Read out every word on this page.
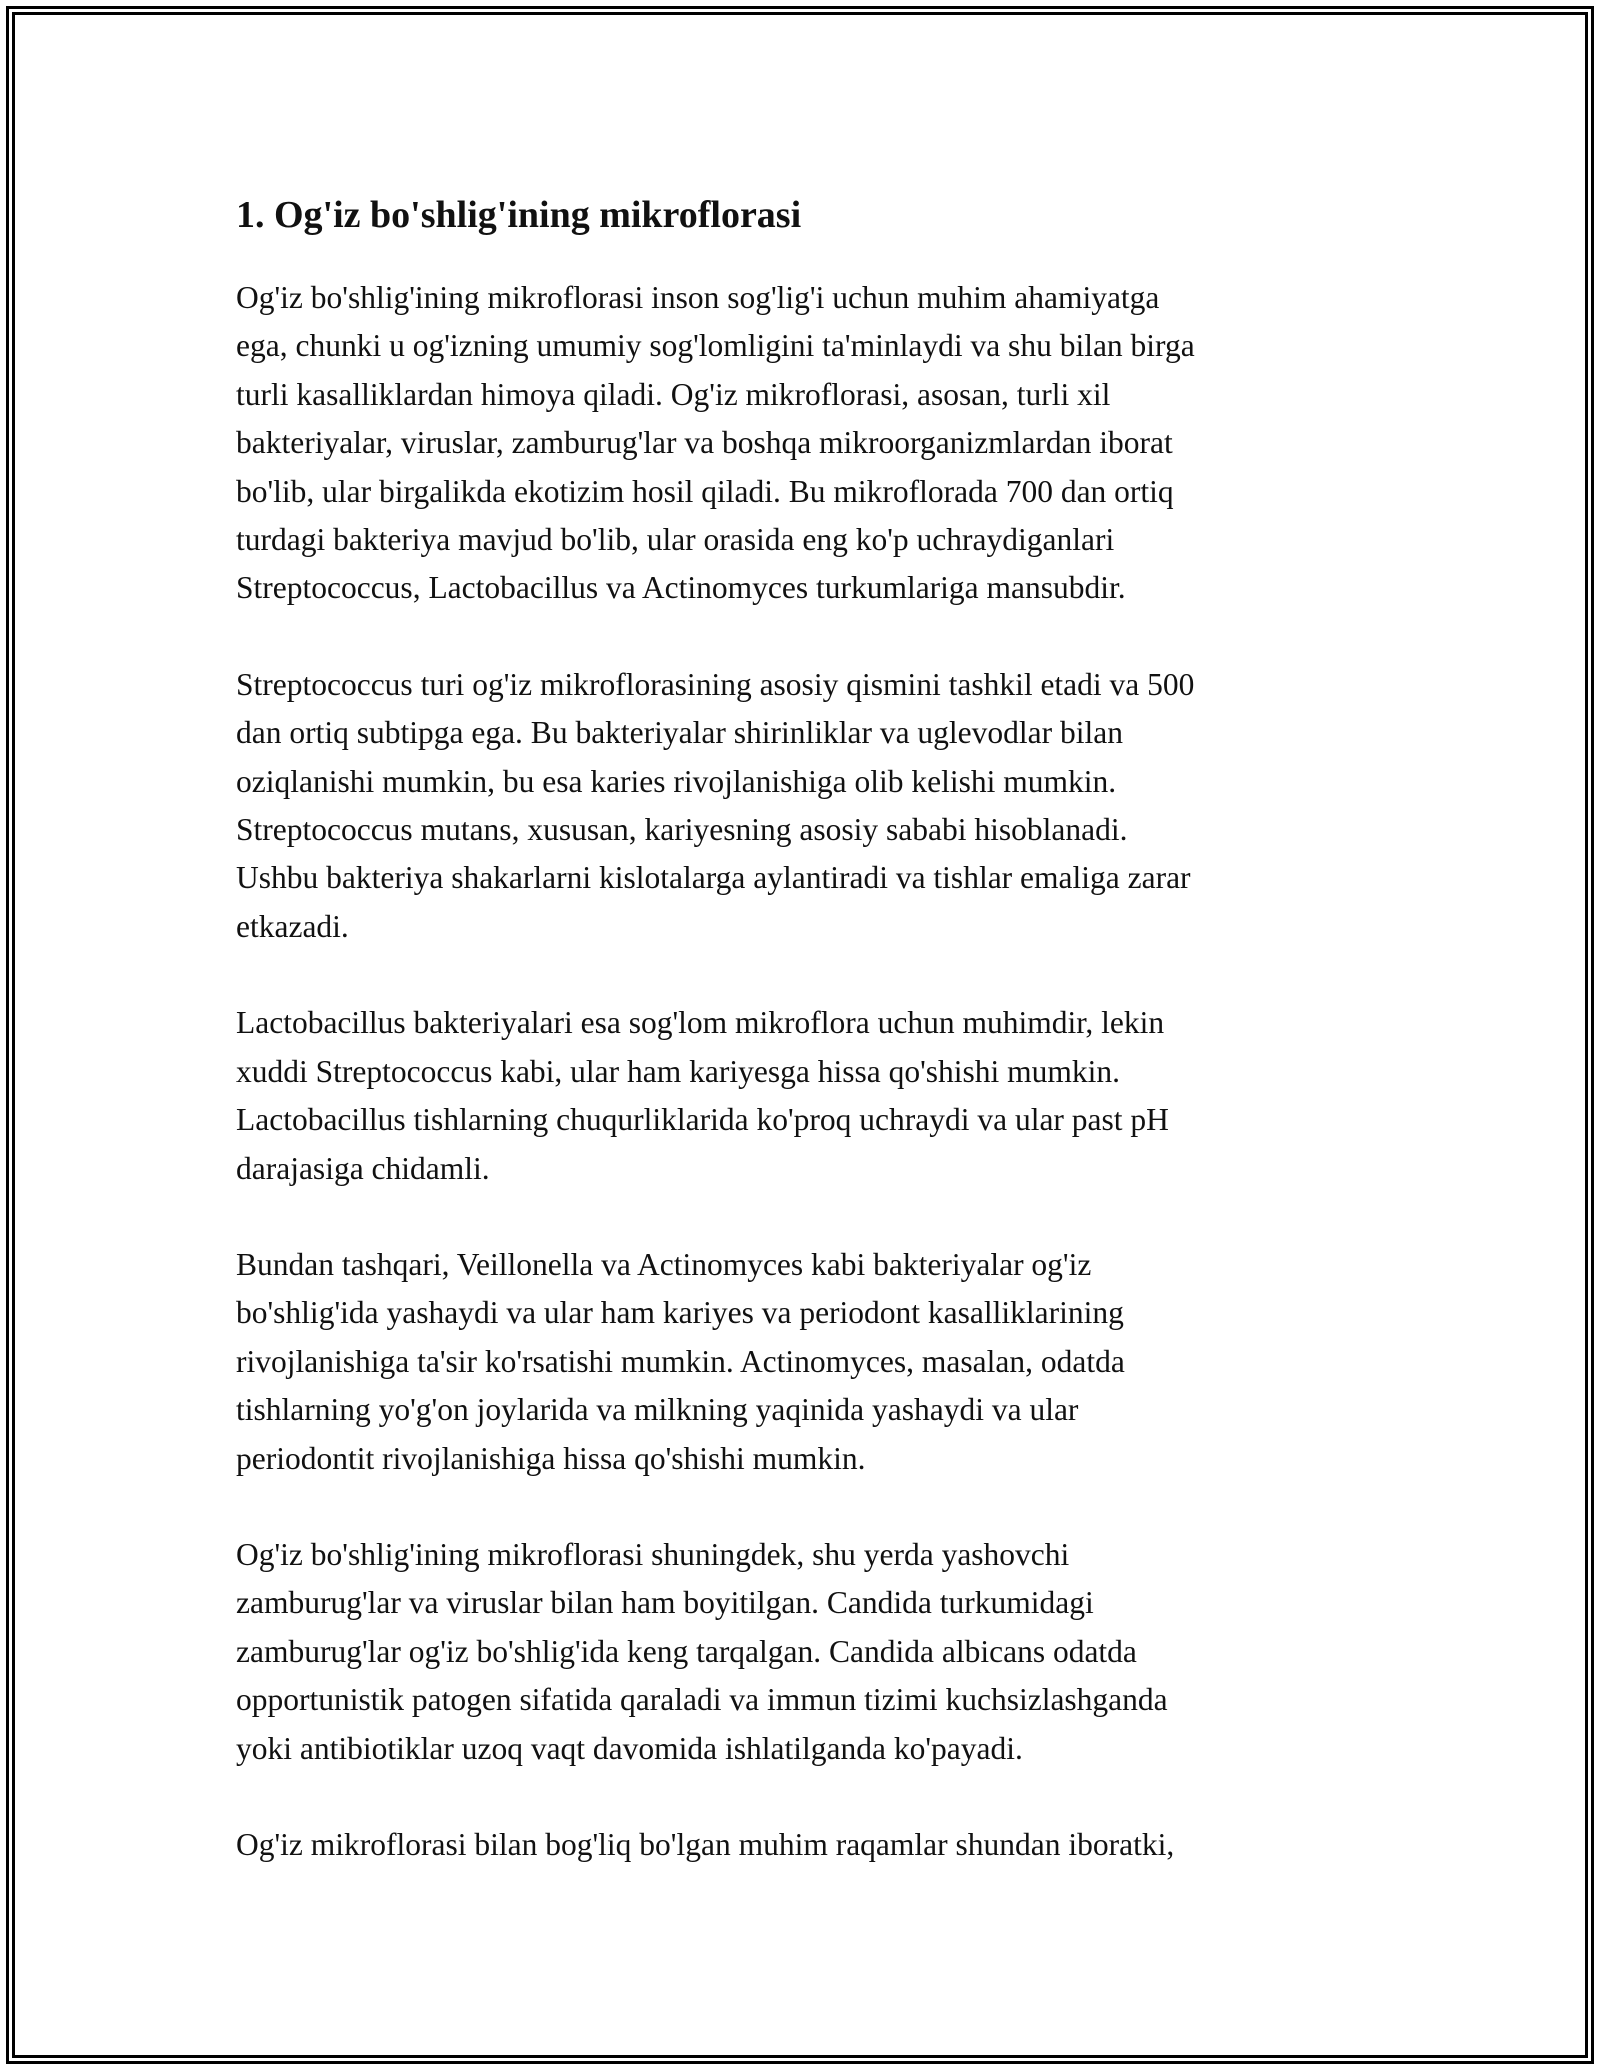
1. Og'iz bo'shlig'ining mikroflorasi

Og'iz bo'shlig'ining mikroflorasi inson sog'lig'i uchun muhim ahamiyatga
ega, chunki u og'izning umumiy sog'lomligini ta'minlaydi va shu bilan birga
turli kasalliklardan himoya qiladi. Og'iz mikroflorasi, asosan, turli xil
bakteriyalar, viruslar, zamburug'lar va boshqa mikroorganizmlardan iborat
bo'lib, ular birgalikda ekotizim hosil qiladi. Bu mikroflorada 700 dan ortiq
turdagi bakteriya mavjud bo'lib, ular orasida eng ko'p uchraydiganlari
Streptococcus, Lactobacillus va Actinomyces turkumlariga mansubdir.

Streptococcus turi og'iz mikroflorasining asosiy qismini tashkil etadi va 500
dan ortiq subtipga ega. Bu bakteriyalar shirinliklar va uglevodlar bilan
oziqlanishi mumkin, bu esa karies rivojlanishiga olib kelishi mumkin.
Streptococcus mutans, xususan, kariyesning asosiy sababi hisoblanadi.
Ushbu bakteriya shakarlarni kislotalarga aylantiradi va tishlar emaliga zarar
etkazadi.

Lactobacillus bakteriyalari esa sog'lom mikroflora uchun muhimdir, lekin
xuddi Streptococcus kabi, ular ham kariyesga hissa qo'shishi mumkin.
Lactobacillus tishlarning chuqurliklarida ko'proq uchraydi va ular past pH
darajasiga chidamli.

Bundan tashqari, Veillonella va Actinomyces kabi bakteriyalar og'iz
bo'shlig'ida yashaydi va ular ham kariyes va periodont kasalliklarining
rivojlanishiga ta'sir ko'rsatishi mumkin. Actinomyces, masalan, odatda
tishlarning yo'g'on joylarida va milkning yaqinida yashaydi va ular
periodontit rivojlanishiga hissa qo'shishi mumkin.

Og'iz bo'shlig'ining mikroflorasi shuningdek, shu yerda yashovchi
zamburug'lar va viruslar bilan ham boyitilgan. Candida turkumidagi
zamburug'lar og'iz bo'shlig'ida keng tarqalgan. Candida albicans odatda
opportunistik patogen sifatida qaraladi va immun tizimi kuchsizlashganda
yoki antibiotiklar uzoq vaqt davomida ishlatilganda ko'payadi.

Og'iz mikroflorasi bilan bog'liq bo'lgan muhim raqamlar shundan iboratki,
